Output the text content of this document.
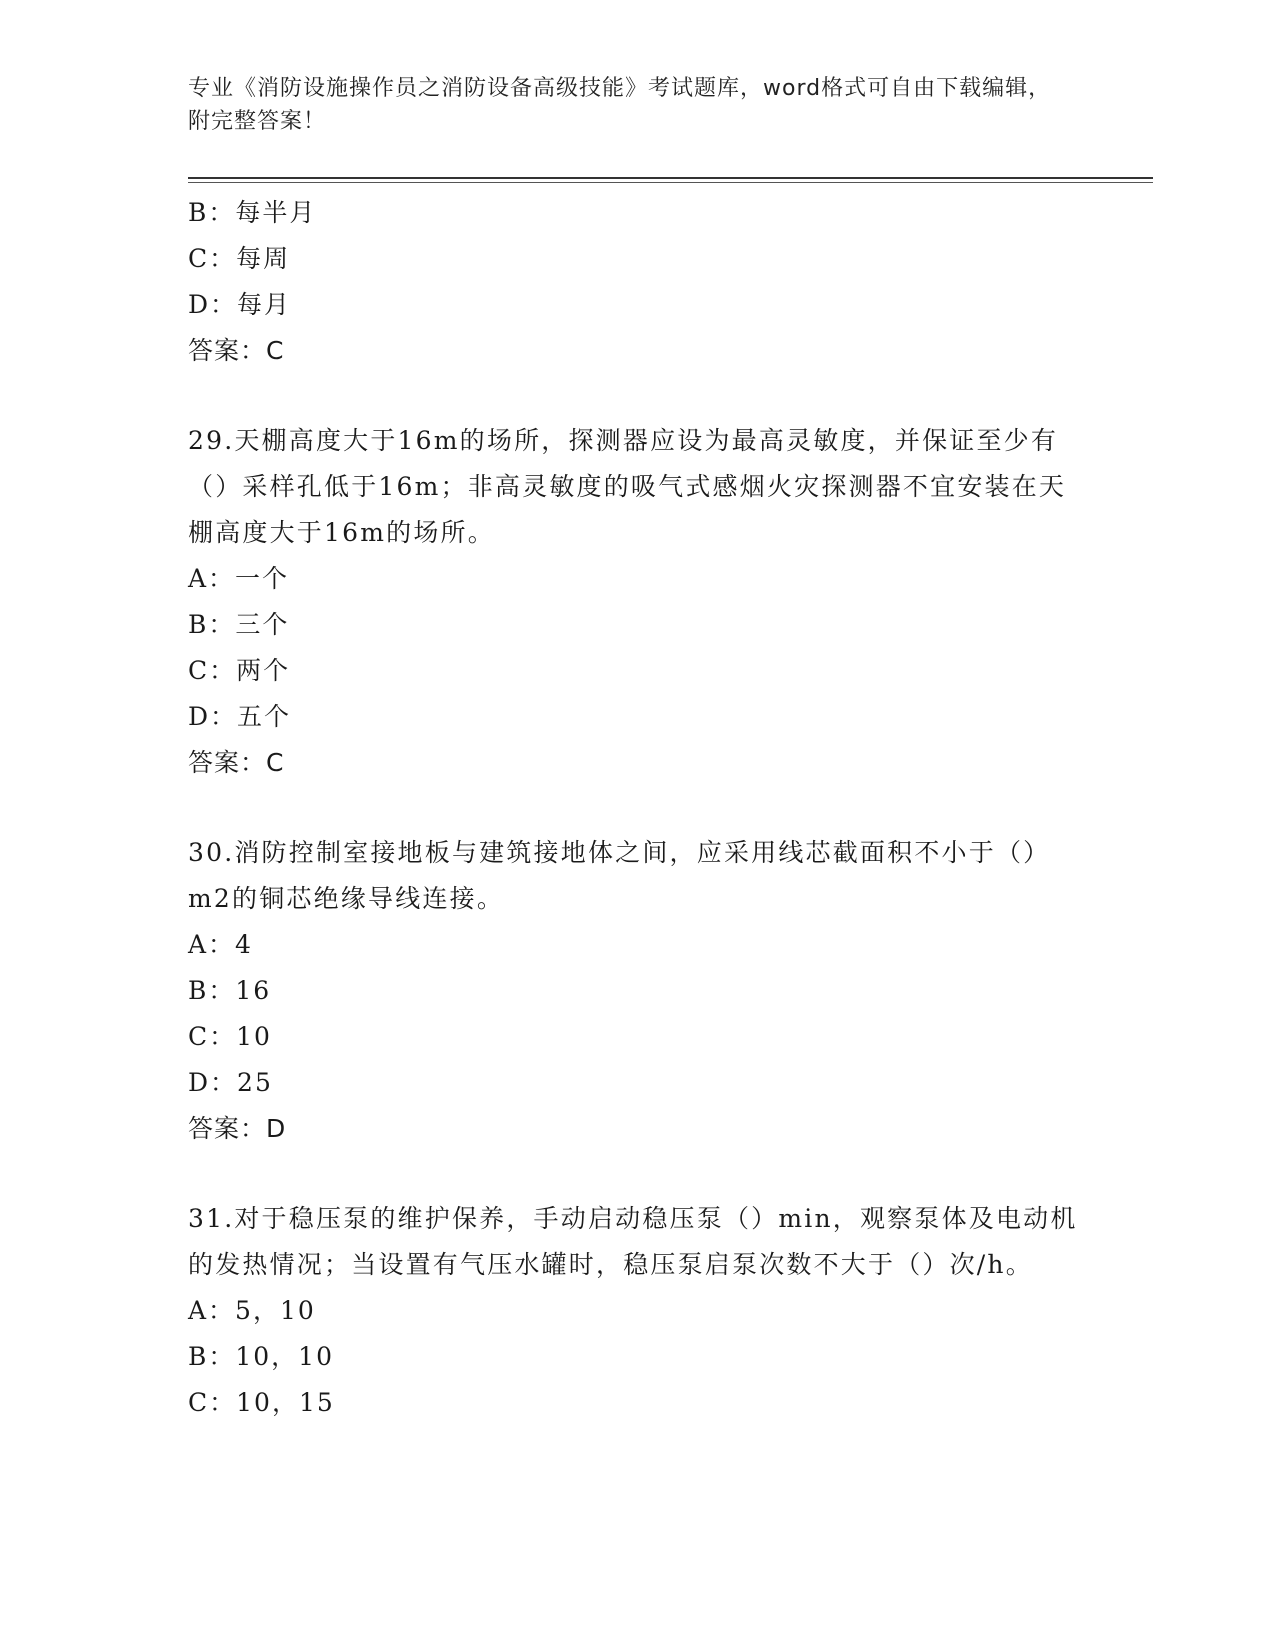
专业《消防设施操作员之消防设备高级技能》考试题库，word格式可自由下载编辑，附完整答案！

B：每半月

C：每周

D：每月

答案：C

29.天棚高度大于16m的场所，探测器应设为最高灵敏度，并保证至少有（）采样孔低于16m；非高灵敏度的吸气式感烟火灾探测器不宜安装在天棚高度大于16m的场所。

A：一个

B：三个

C：两个

D：五个

答案：C

30.消防控制室接地板与建筑接地体之间，应采用线芯截面积不小于（）m2的铜芯绝缘导线连接。

A：4

B：16

C：10

D：25

答案：D

31.对于稳压泵的维护保养，手动启动稳压泵（）min，观察泵体及电动机的发热情况；当设置有气压水罐时，稳压泵启泵次数不大于（）次/h。

A：5，10

B：10，10

C：10，15
